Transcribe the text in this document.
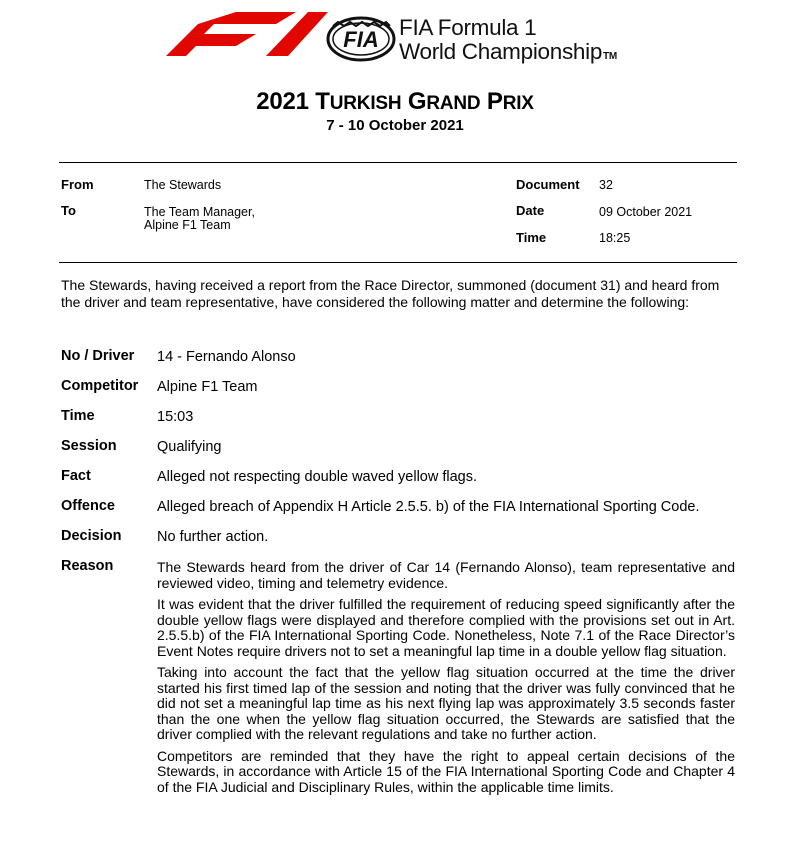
FIA FIA Formula 1
World ChampionshipTM
2021 TURKISH GRAND PRIX
7 - 10 October 2021
From	The Stewards
To	The Team Manager,
Alpine F1 Team
Document 32
Date	09 October 2021
Time	18:25
The Stewards, having received a report from the Race Director, summoned (document 31) and heard from the driver and team representative, have considered the following matter and determine the following:
No / Driver 14 - Fernando Alonso
Competitor Alpine F1 Team
Time	15:03
Session	Qualifying
Fact	Alleged not respecting double waved yellow flags.
Offence	Alleged breach of Appendix H Article 2.5.5. b) of the FIA International Sporting Code.
Decision No further action.
Reason	The Stewards heard from the driver of Car 14 (Fernando Alonso), team representative and reviewed video, timing and telemetry evidence.

It was evident that the driver fulfilled the requirement of reducing speed significantly after the double yellow flags were displayed and therefore complied with the provisions set out in Art. 2.5.5.b) of the FIA International Sporting Code. Nonetheless, Note 7.1 of the Race Director’s Event Notes require drivers not to set a meaningful lap time in a double yellow flag situation.

Taking into account the fact that the yellow flag situation occurred at the time the driver started his first timed lap of the session and noting that the driver was fully convinced that he did not set a meaningful lap time as his next flying lap was approximately 3.5 seconds faster than the one when the yellow flag situation occurred, the Stewards are satisfied that the driver complied with the relevant regulations and take no further action.

Competitors are reminded that they have the right to appeal certain decisions of the Stewards, in accordance with Article 15 of the FIA International Sporting Code and Chapter 4 of the FIA Judicial and Disciplinary Rules, within the applicable time limits.
